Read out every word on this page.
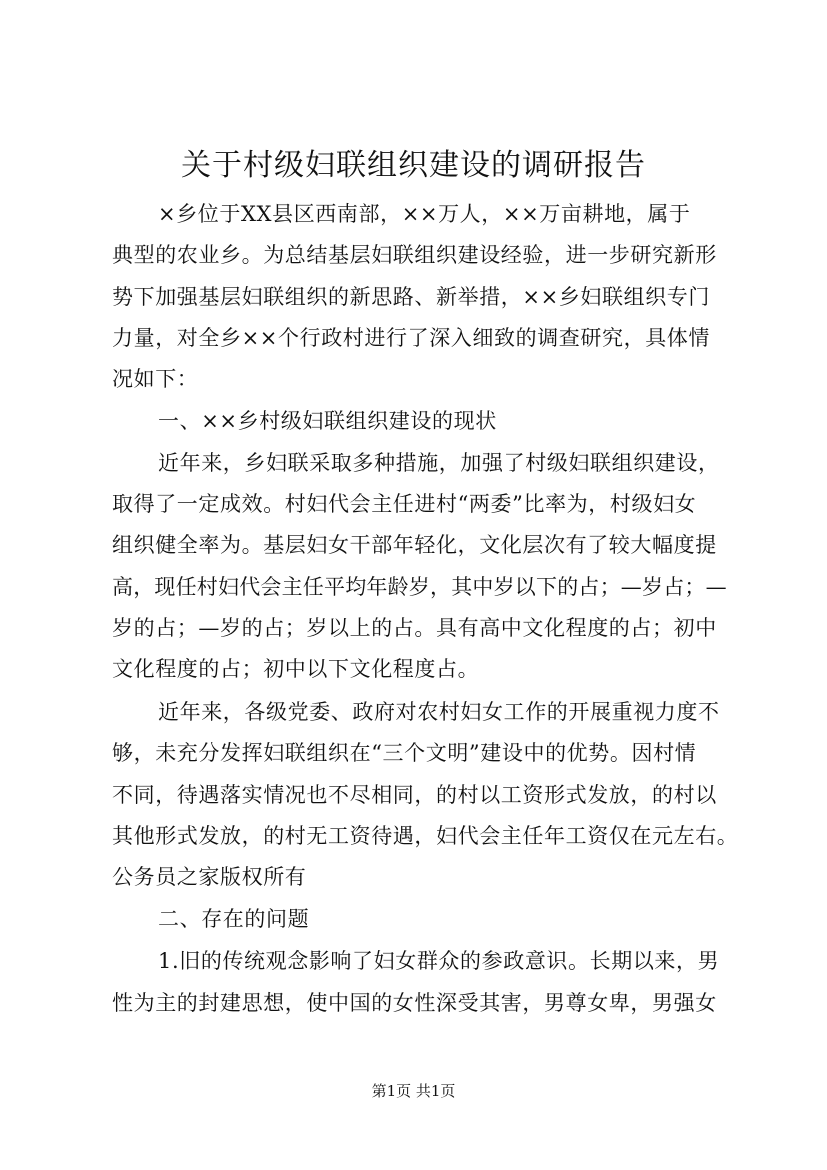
关于村级妇联组织建设的调研报告
×乡位于XX县区西南部，××万人，××万亩耕地，属于
典型的农业乡。为总结基层妇联组织建设经验，进一步研究新形
势下加强基层妇联组织的新思路、新举措，××乡妇联组织专门
力量，对全乡××个行政村进行了深入细致的调查研究，具体情
况如下：
一、××乡村级妇联组织建设的现状
近年来，乡妇联采取多种措施，加强了村级妇联组织建设，
取得了一定成效。村妇代会主任进村“两委”比率为，村级妇女
组织健全率为。基层妇女干部年轻化，文化层次有了较大幅度提
高，现任村妇代会主任平均年龄岁，其中岁以下的占；—岁占；—
岁的占；—岁的占；岁以上的占。具有高中文化程度的占；初中
文化程度的占；初中以下文化程度占。
近年来，各级党委、政府对农村妇女工作的开展重视力度不
够，未充分发挥妇联组织在“三个文明”建设中的优势。因村情
不同，待遇落实情况也不尽相同，的村以工资形式发放，的村以
其他形式发放，的村无工资待遇，妇代会主任年工资仅在元左右。
公务员之家版权所有
二、存在的问题
1.旧的传统观念影响了妇女群众的参政意识。长期以来，男
性为主的封建思想，使中国的女性深受其害，男尊女卑，男强女
第1页 共1页
